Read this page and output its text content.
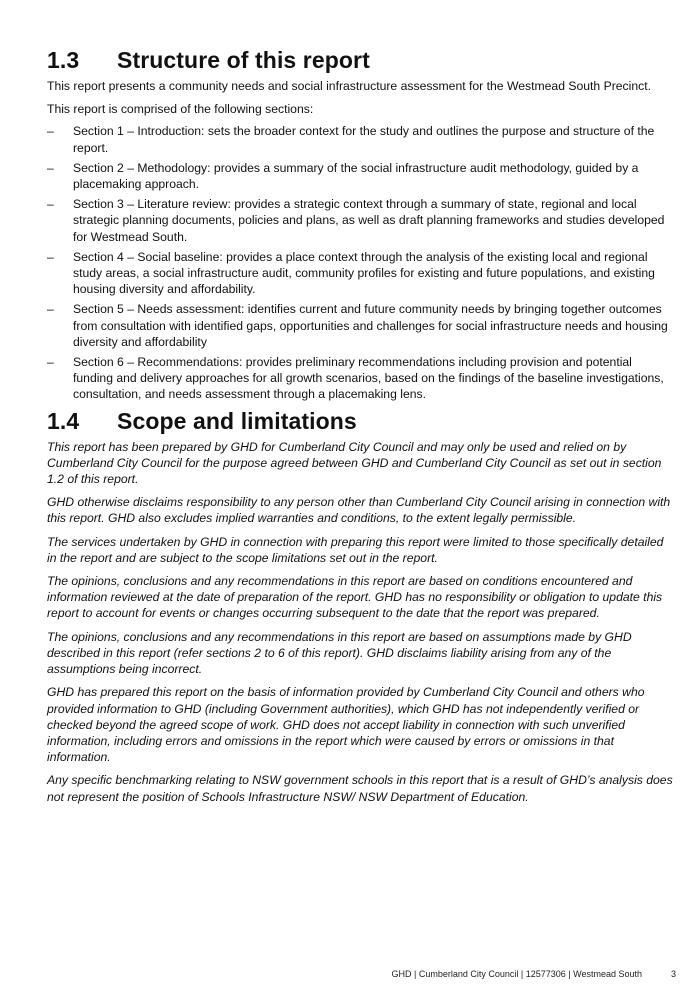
1.3	Structure of this report

This report presents a community needs and social infrastructure assessment for the Westmead South Precinct.

This report is comprised of the following sections:

– Section 1 – Introduction: sets the broader context for the study and outlines the purpose and structure of the report.
– Section 2 – Methodology: provides a summary of the social infrastructure audit methodology, guided by a placemaking approach.
– Section 3 – Literature review: provides a strategic context through a summary of state, regional and local strategic planning documents, policies and plans, as well as draft planning frameworks and studies developed for Westmead South.
– Section 4 – Social baseline: provides a place context through the analysis of the existing local and regional study areas, a social infrastructure audit, community profiles for existing and future populations, and existing housing diversity and affordability.
– Section 5 – Needs assessment: identifies current and future community needs by bringing together outcomes from consultation with identified gaps, opportunities and challenges for social infrastructure needs and housing diversity and affordability
– Section 6 – Recommendations: provides preliminary recommendations including provision and potential funding and delivery approaches for all growth scenarios, based on the findings of the baseline investigations, consultation, and needs assessment through a placemaking lens.
1.4	Scope and limitations

This report has been prepared by GHD for Cumberland City Council and may only be used and relied on by Cumberland City Council for the purpose agreed between GHD and Cumberland City Council as set out in section 1.2 of this report.

GHD otherwise disclaims responsibility to any person other than Cumberland City Council arising in connection with this report. GHD also excludes implied warranties and conditions, to the extent legally permissible.

The services undertaken by GHD in connection with preparing this report were limited to those specifically detailed in the report and are subject to the scope limitations set out in the report.

The opinions, conclusions and any recommendations in this report are based on conditions encountered and information reviewed at the date of preparation of the report. GHD has no responsibility or obligation to update this report to account for events or changes occurring subsequent to the date that the report was prepared.

The opinions, conclusions and any recommendations in this report are based on assumptions made by GHD described in this report (refer sections 2 to 6 of this report). GHD disclaims liability arising from any of the assumptions being incorrect.

GHD has prepared this report on the basis of information provided by Cumberland City Council and others who provided information to GHD (including Government authorities), which GHD has not independently verified or checked beyond the agreed scope of work. GHD does not accept liability in connection with such unverified information, including errors and omissions in the report which were caused by errors or omissions in that information.

Any specific benchmarking relating to NSW government schools in this report that is a result of GHD’s analysis does not represent the position of Schools Infrastructure NSW/ NSW Department of Education.

GHD | Cumberland City Council | 12577306 | Westmead South	3
